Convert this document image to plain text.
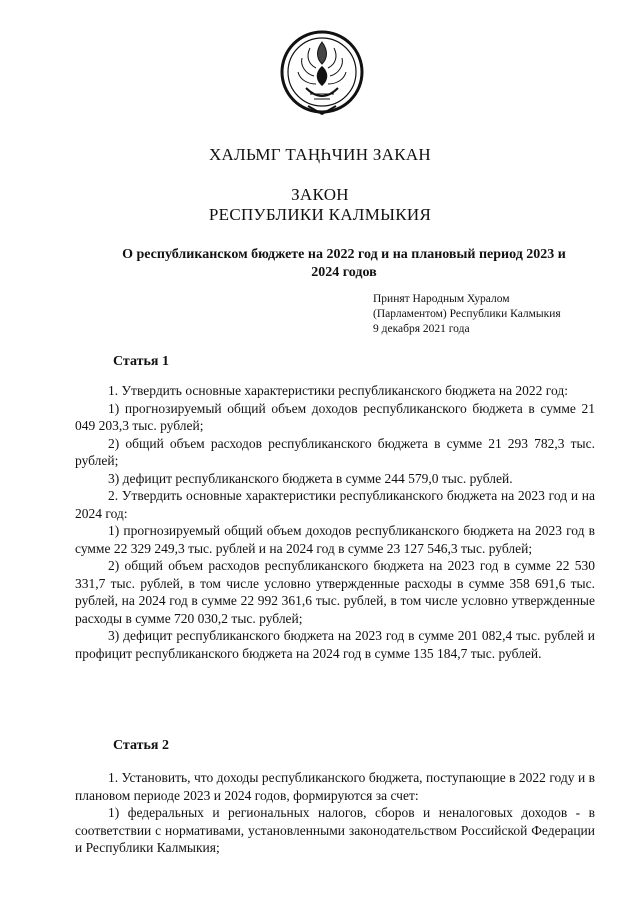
ХАЛЬМГ ТАҢҺЧИН ЗАКАН
ЗАКОН
РЕСПУБЛИКИ КАЛМЫКИЯ
О республиканском бюджете на 2022 год и на плановый период 2023 и 2024 годов
Принят Народным Хуралом
(Парламентом) Республики Калмыкия
9 декабря 2021 года
Статья 1

1. Утвердить основные характеристики республиканского бюджета на 2022 год:

1) прогнозируемый общий объем доходов республиканского бюджета в сумме 21 049 203,3 тыс. рублей;

2) общий объем расходов республиканского бюджета в сумме 21 293 782,3 тыс. рублей;

3) дефицит республиканского бюджета в сумме 244 579,0 тыс. рублей.

2. Утвердить основные характеристики республиканского бюджета на 2023 год и на 2024 год:

1) прогнозируемый общий объем доходов республиканского бюджета на 2023 год в сумме 22 329 249,3 тыс. рублей и на 2024 год в сумме 23 127 546,3 тыс. рублей;

2) общий объем расходов республиканского бюджета на 2023 год в сумме 22 530 331,7 тыс. рублей, в том числе условно утвержденные расходы в сумме 358 691,6 тыс. рублей, на 2024 год в сумме 22 992 361,6 тыс. рублей, в том числе условно утвержденные расходы в сумме 720 030,2 тыс. рублей;

3) дефицит республиканского бюджета на 2023 год в сумме 201 082,4 тыс. рублей и профицит республиканского бюджета на 2024 год в сумме 135 184,7 тыс. рублей.

Статья 2

1. Установить, что доходы республиканского бюджета, поступающие в 2022 году и в плановом периоде 2023 и 2024 годов, формируются за счет:

1) федеральных и региональных налогов, сборов и неналоговых доходов - в соответствии с нормативами, установленными законодательством Российской Федерации и Республики Калмыкия;
